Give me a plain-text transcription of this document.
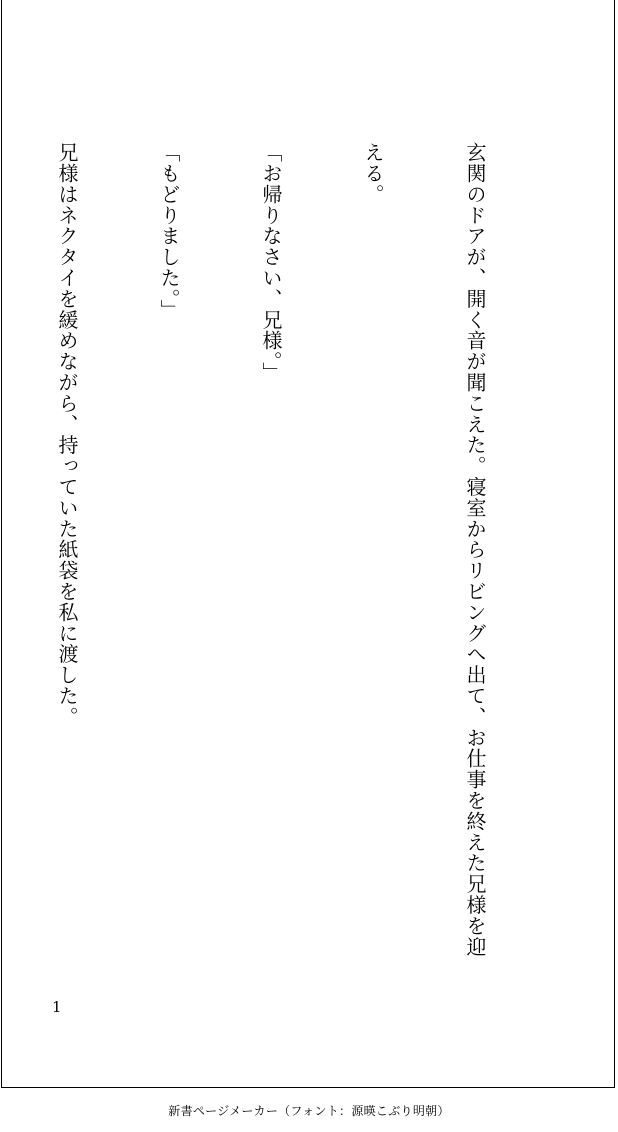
玄関のドアが、開く音が聞こえた。寝室からリビングへ出て、お仕事を終えた兄様を迎

える。

「お帰りなさい、兄様。」

「もどりました。」

兄様はネクタイを緩めながら、持っていた紙袋を私に渡した。

1
新書ページメーカー（フォント：源暎こぶり明朝）
